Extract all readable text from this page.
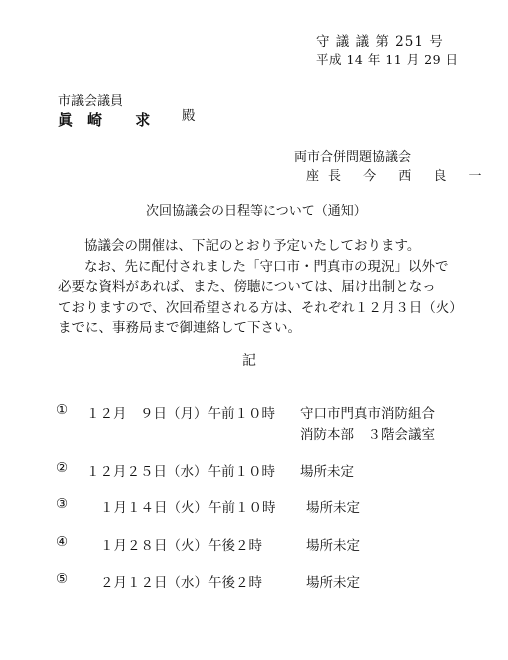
守 議 議 第 251 号
平成 14 年 11 月 29 日
市議会議員
眞崎 求 殿
両市合併問題協議会
座長 今 西 良 一
次回協議会の日程等について（通知）
協議会の開催は、下記のとおり予定いたしております。
なお、先に配付されました「守口市・門真市の現況」以外で
必要な資料があれば、また、傍聴については、届け出制となっ
ておりますので、次回希望される方は、それぞれ１２月３日（火）
までに、事務局まで御連絡して下さい。
記
① １２月　９日（月）午前１０時 守口市門真市消防組合
消防本部　３階会議室
② １２月２５日（水）午前１０時 場所未定
③ １月１４日（火）午前１０時 場所未定
④ １月２８日（火）午後２時	場所未定
⑤ ２月１２日（水）午後２時	場所未定
